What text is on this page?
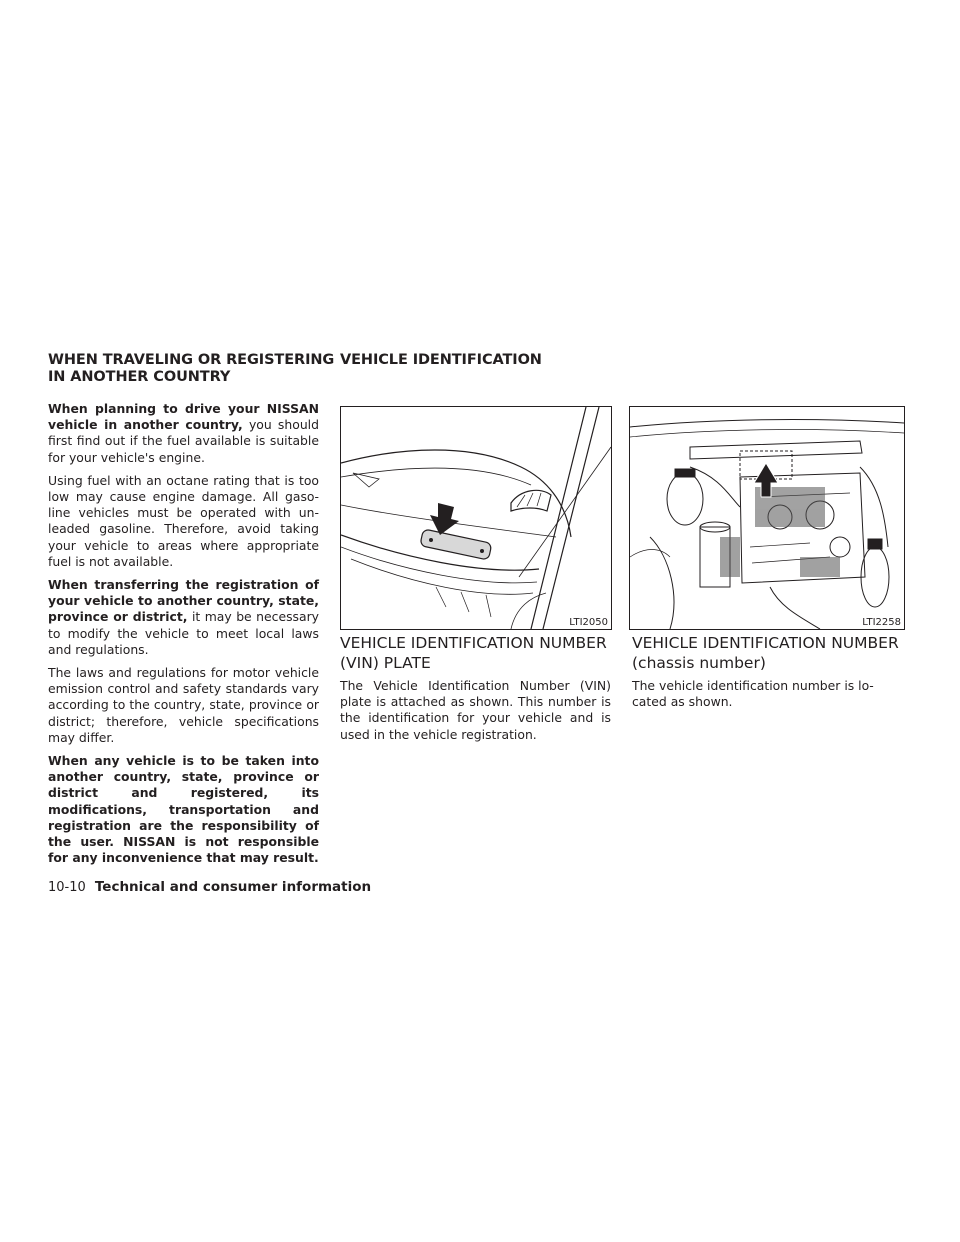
WHEN TRAVELING OR REGISTERING
IN ANOTHER COUNTRY
VEHICLE IDENTIFICATION

When planning to drive your NISSAN vehicle in another country, you should first find out if the fuel available is suitable for your vehicle's engine.

Using fuel with an octane rating that is too low may cause engine damage. All gasoline vehicles must be operated with unleaded gasoline. Therefore, avoid taking your vehicle to areas where appropriate fuel is not available.

When transferring the registration of your vehicle to another country, state, province or district, it may be necessary to modify the vehicle to meet local laws and regulations.

The laws and regulations for motor vehicle emission control and safety standards vary according to the country, state, province or district; therefore, vehicle specifications may differ.

When any vehicle is to be taken into another country, state, province or district and registered, its modifications, transportation and registration are the responsibility of the user. NISSAN is not responsible for any inconvenience that may result.

LTI2050	LTI2258
VEHICLE IDENTIFICATION NUMBER
(VIN) PLATE
VEHICLE IDENTIFICATION NUMBER
(chassis number)
The Vehicle Identification Number (VIN) plate is attached as shown. This number is the identification for your vehicle and is used in the vehicle registration.
The vehicle identification number is located as shown.
10-10 Technical and consumer information
